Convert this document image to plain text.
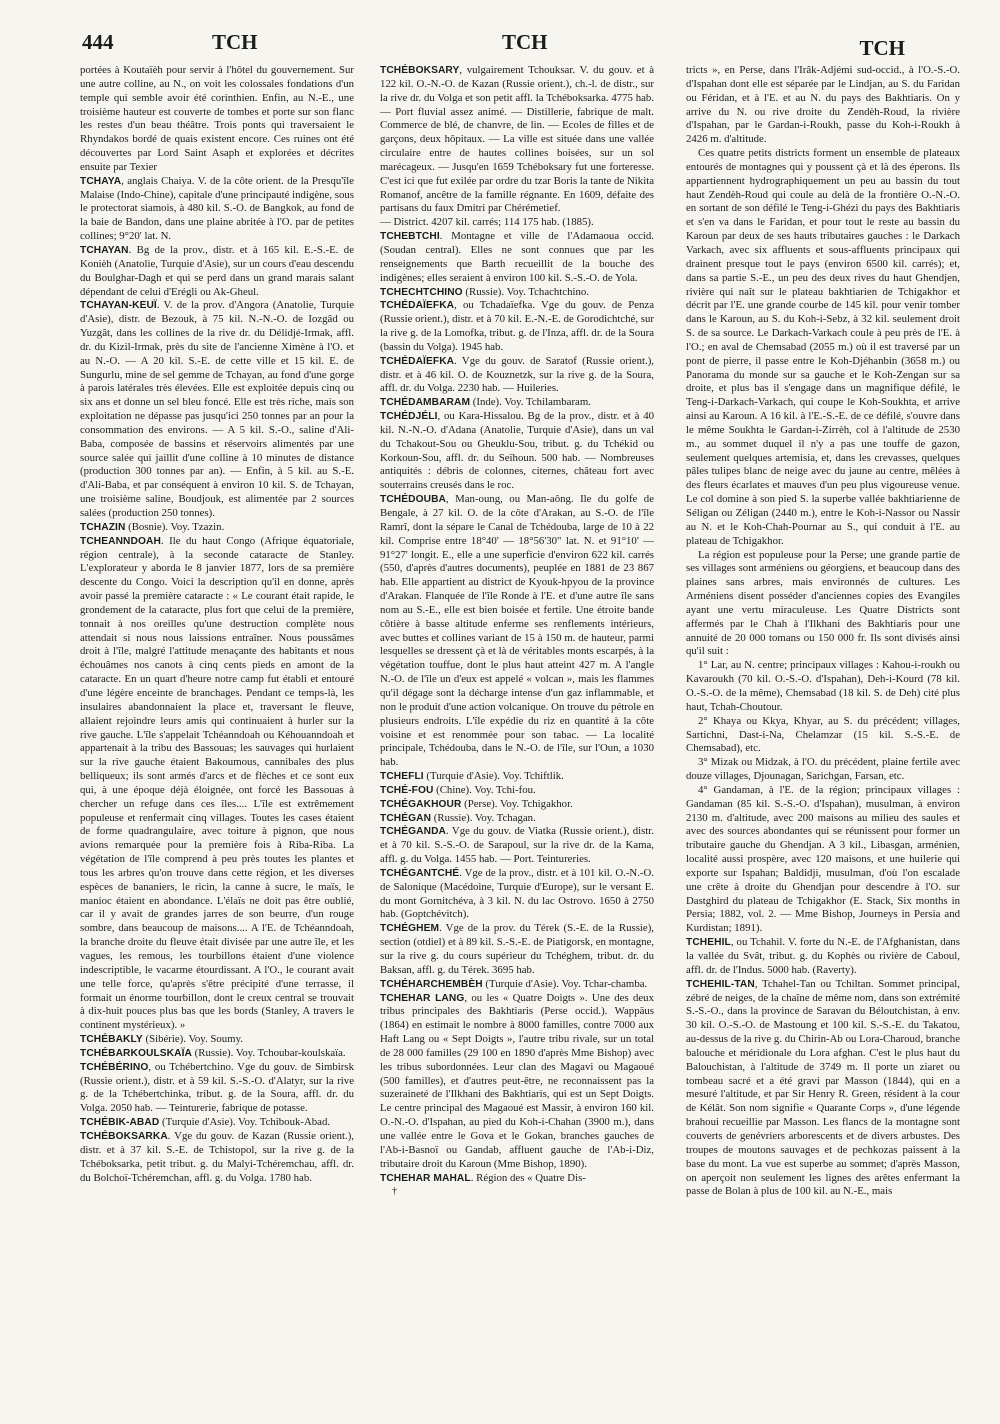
444	TCH	TCH	TCH

portées à Koutaïèh pour servir à l'hôtel du gouvernement. Sur une autre colline, au N., on voit les colossales fondations d'un temple qui semble avoir été corinthien. Enfin, au N.-E., une troisième hauteur est couverte de tombes et porte sur son flanc les restes d'un beau théâtre. Trois ponts qui traversaient le Rhyndakos bordé de quais existent encore. Ces ruines ont été découvertes par Lord Saint Asaph et explorées et décrites ensuite par Texier

TCHAYA, anglais Chaiya. V. de la côte orient. de la Presqu'île Malaise (Indo-Chine), capitale d'une principauté indigène, sous le protectorat siamois, à 480 kil. S.-O. de Bangkok, au fond de la baie de Bandon, dans une plaine abritée à l'O. par de petites collines; 9°20' lat. N.

TCHAYAN. Bg de la prov., distr. et à 165 kil. E.-S.-E. de Konièh (Anatolie, Turquie d'Asie), sur un cours d'eau descendu du Boulghar-Dagh et qui se perd dans un grand marais salant dépendant de celui d'Erégli ou Ak-Gheul.

TCHAYAN-KEUÏ. V. de la prov. d'Angora (Anatolie, Turquie d'Asie), distr. de Bezouk, à 75 kil. N.-N.-O. de Iozgâd ou Yuzgât, dans les collines de la rive dr. du Délidjé-Irmak, affl. dr. du Kizil-Irmak, près du site de l'ancienne Ximène à l'O. et au N.-O. — A 20 kil. S.-E. de cette ville et 15 kil. E. de Sungurlu, mine de sel gemme de Tchayan, au fond d'une gorge à parois latérales très élevées. Elle est exploitée depuis cinq ou six ans et donne un sel bleu foncé. Elle est très riche, mais son exploitation ne dépasse pas jusqu'ici 250 tonnes par an pour la consommation des environs. — A 5 kil. S.-O., saline d'Ali-Baba, composée de bassins et réservoirs alimentés par une source salée qui jaillit d'une colline à 10 minutes de distance (production 300 tonnes par an). — Enfin, à 5 kil. au S.-E. d'Ali-Baba, et par conséquent à environ 10 kil. S. de Tchayan, une troisième saline, Boudjouk, est alimentée par 2 sources salées (production 250 tonnes).

TCHAZIN (Bosnie). Voy. Tzazin.

TCHEANNDOAH. Ile du haut Congo (Afrique équatoriale, région centrale), à la seconde cataracte de Stanley. L'explorateur y aborda le 8 janvier 1877, lors de sa première descente du Congo. Voici la description qu'il en donne, après avoir passé la première cataracte : « Le courant était rapide, le grondement de la cataracte, plus fort que celui de la première, tonnait à nos oreilles qu'une destruction complète nous attendait si nous nous laissions entraîner. Nous poussâmes droit à l'île, malgré l'attitude menaçante des habitants et nous échouâmes nos canots à cinq cents pieds en amont de la cataracte. En un quart d'heure notre camp fut établi et entouré d'une légère enceinte de branchages. Pendant ce temps-là, les insulaires abandonnaient la place et, traversant le fleuve, allaient rejoindre leurs amis qui continuaient à hurler sur la rive gauche. L'île s'appelait Tchéanndoah ou Kéhouanndoah et appartenait à la tribu des Bassouas; les sauvages qui hurlaient sur la rive gauche étaient Bakoumous, cannibales des plus belliqueux; ils sont armés d'arcs et de flèches et ce sont eux qui, à une époque déjà éloignée, ont forcé les Bassouas à chercher un refuge dans ces îles.... L'île est extrêmement populeuse et renfermait cinq villages. Toutes les cases étaient de forme quadrangulaire, avec toiture à pignon, que nous avions remarquée pour la première fois à Riba-Riba. La végétation de l'île comprend à peu près toutes les plantes et tous les arbres qu'on trouve dans cette région, et les diverses espèces de bananiers, le ricin, la canne à sucre, le maïs, le manioc étaient en abondance. L'élaïs ne doit pas être oublié, car il y avait de grandes jarres de son beurre, d'un rouge sombre, dans beaucoup de maisons.... A l'E. de Tchéanndoah, la branche droite du fleuve était divisée par une autre île, et les vagues, les remous, les tourbillons étaient d'une violence indescriptible, le vacarme étourdissant. A l'O., le courant avait une telle force, qu'après s'être précipité d'une terrasse, il formait un énorme tourbillon, dont le creux central se trouvait à dix-huit pouces plus bas que les bords (Stanley, A travers le continent mystérieux). »

TCHÉBAKLY (Sibérie). Voy. Soumy.

TCHÉBARKOULSKAÏA (Russie). Voy. Tchoubar-koulskaïa.

TCHÉBÉRINO, ou Tchébertchino. Vge du gouv. de Simbirsk (Russie orient.), distr. et à 59 kil. S.-S.-O. d'Alatyr, sur la rive g. de la Tchébertchinka, tribut. g. de la Soura, affl. dr. du Volga. 2050 hab. — Teinturerie, fabrique de potasse.

TCHÉBIK-ABAD (Turquie d'Asie). Voy. Tchibouk-Abad.

TCHÉBOKSARKA. Vge du gouv. de Kazan (Russie orient.), distr. et à 37 kil. S.-E. de Tchistopol, sur la rive g. de la Tchéboksarka, petit tribut. g. du Malyi-Tchéremchau, affl. dr. du Bolchoï-Tchéremchan, affl. g. du Volga. 1780 hab.

TCHÉBOKSARY, vulgairement Tchouksar. V. du gouv. et à 122 kil. O.-N.-O. de Kazan (Russie orient.), ch.-l. de distr., sur la rive dr. du Volga et son petit affl. la Tchéboksarka. 4775 hab. — Port fluvial assez animé. — Distillerie, fabrique de malt. Commerce de blé, de chanvre, de lin. — Ecoles de filles et de garçons, deux hôpitaux. — La ville est située dans une vallée circulaire entre de hautes collines boisées, sur un sol marécageux. — Jusqu'en 1659 Tchéboksary fut une forteresse. C'est ici que fut exilée par ordre du tzar Boris la tante de Nikita Romanof, ancêtre de la famille régnante. En 1609, défaite des partisans du faux Dmitri par Chérémetief.

— District. 4207 kil. carrés; 114 175 hab. (1885).

TCHEBTCHI. Montagne et ville de l'Adamaoua occid. (Soudan central). Elles ne sont connues que par les renseignements que Barth recueillit de la bouche des indigènes; elles seraient à environ 100 kil. S.-S.-O. de Yola.

TCHECHTCHINO (Russie). Voy. Tchachtchino.

TCHÉDAÏEFKA, ou Tchadaïefka. Vge du gouv. de Penza (Russie orient.), distr. et à 70 kil. E.-N.-E. de Gorodichtché, sur la rive g. de la Lomofka, tribut. g. de l'Inza, affl. dr. de la Soura (bassin du Volga). 1945 hab.

TCHÉDAÏEFKA. Vge du gouv. de Saratof (Russie orient.), distr. et à 46 kil. O. de Kouznetzk, sur la rive g. de la Soura, affl. dr. du Volga. 2230 hab. — Huileries.

TCHÉDAMBARAM (Inde). Voy. Tchilambaram.

TCHÉDJÉLI, ou Kara-Hissalou. Bg de la prov., distr. et à 40 kil. N.-N.-O. d'Adana (Anatolie, Turquie d'Asie), dans un val du Tchakout-Sou ou Gheuklu-Sou, tribut. g. du Tchékid ou Korkoun-Sou, affl. dr. du Seïhoun. 500 hab. — Nombreuses antiquités : débris de colonnes, citernes, château fort avec souterrains creusés dans le roc.

TCHÉDOUBA, Man-oung, ou Man-aông. Ile du golfe de Bengale, à 27 kil. O. de la côte d'Arakan, au S.-O. de l'île Ramrî, dont la sépare le Canal de Tchédouba, large de 10 à 22 kil. Comprise entre 18°40' — 18°56'30" lat. N. et 91°10' — 91°27' longit. E., elle a une superficie d'environ 622 kil. carrés (550, d'après d'autres documents), peuplée en 1881 de 23 867 hab. Elle appartient au district de Kyouk-hpyou de la province d'Arakan. Flanquée de l'île Ronde à l'E. et d'une autre île sans nom au S.-E., elle est bien boisée et fertile. Une étroite bande côtière à basse altitude enferme ses renflements intérieurs, avec buttes et collines variant de 15 à 150 m. de hauteur, parmi lesquelles se dressent çà et là de véritables monts escarpés, à la végétation touffue, dont le plus haut atteint 427 m. A l'angle N.-O. de l'île un d'eux est appelé « volcan », mais les flammes qu'il dégage sont la décharge intense d'un gaz inflammable, et non le produit d'une action volcanique. On trouve du pétrole en plusieurs endroits. L'île expédie du riz en quantité à la côte voisine et est renommée pour son tabac. — La localité principale, Tchédouba, dans le N.-O. de l'île, sur l'Oun, a 1030 hab.

TCHEFLI (Turquie d'Asie). Voy. Tchiftlik.

TCHÉ-FOU (Chine). Voy. Tchi-fou.

TCHÉGAKHOUR (Perse). Voy. Tchigakhor.

TCHÉGAN (Russie). Voy. Tchagan.

TCHÉGANDA. Vge du gouv. de Viatka (Russie orient.), distr. et à 70 kil. S.-S.-O. de Sarapoul, sur la rive dr. de la Kama, affl. g. du Volga. 1455 hab. — Port. Teintureries.

TCHÉGANTCHÉ. Vge de la prov., distr. et à 101 kil. O.-N.-O. de Salonique (Macédoine, Turquie d'Europe), sur le versant E. du mont Gornitchéva, à 3 kil. N. du lac Ostrovo. 1650 à 2750 hab. (Goptchévitch).

TCHÉGHEM. Vge de la prov. du Térek (S.-E. de la Russie), section (otdiel) et à 89 kil. S.-S.-E. de Piatigorsk, en montagne, sur la rive g. du cours supérieur du Tchéghem, tribut. dr. du Baksan, affl. g. du Térek. 3695 hab.

TCHÉHARCHEMBÈH (Turquie d'Asie). Voy. Tchar-chamba.

TCHEHAR LANG, ou les « Quatre Doigts ». Une des deux tribus principales des Bakhtiaris (Perse occid.). Wappäus (1864) en estimait le nombre à 8000 familles, contre 7000 aux Haft Lang ou « Sept Doigts », l'autre tribu rivale, sur un total de 28 000 familles (29 100 en 1890 d'après Mme Bishop) avec les tribus subordonnées. Leur clan des Magavi ou Magaoué (500 familles), et d'autres peut-être, ne reconnaissent pas la suzeraineté de l'Ilkhani des Bakhtiaris, qui est un Sept Doigts. Le centre principal des Magaoué est Massir, à environ 160 kil. O.-N.-O. d'Ispahan, au pied du Koh-i-Chahan (3900 m.), dans une vallée entre le Gova et le Gokan, branches gauches de l'Ab-i-Basnoï ou Gandab, affluent gauche de l'Ab-i-Diz, tributaire droit du Karoun (Mme Bishop, 1890).

TCHEHAR MAHAL. Région des « Quatre Dis-

†

tricts », en Perse, dans l'Irâk-Adjémi sud-occid., à l'O.-S.-O. d'Ispahan dont elle est séparée par le Lindjan, au S. du Faridan ou Féridan, et à l'E. et au N. du pays des Bakhtiaris. On y arrive du N. ou rive droite du Zendèh-Roud, la rivière d'Ispahan, par le Gardan-i-Roukh, passe du Koh-i-Roukh à 2426 m. d'altitude.

Ces quatre petits districts forment un ensemble de plateaux entourés de montagnes qui y poussent çà et là des éperons. Ils appartiennent hydrographiquement un peu au bassin du tout haut Zendèh-Roud qui coule au delà de la frontière O.-N.-O. en sortant de son défilé le Teng-i-Ghézi du pays des Bakhtiaris et s'en va dans le Faridan, et pour tout le reste au bassin du Karoun par deux de ses hauts tributaires gauches : le Darkach Varkach, avec six affluents et sous-affluents principaux qui drainent presque tout le pays (environ 6500 kil. carrés); et, dans sa partie S.-E., un peu des deux rives du haut Ghendjen, rivière qui naît sur le plateau bakhtiarien de Tchigakhor et décrit par l'E. une grande courbe de 145 kil. pour venir tomber dans le Karoun, au S. du Koh-i-Sebz, à 32 kil. seulement droit S. de sa source. Le Darkach-Varkach coule à peu près de l'E. à l'O.; en aval de Chemsabad (2055 m.) où il est traversé par un pont de pierre, il passe entre le Koh-Djéhanbin (3658 m.) ou Panorama du monde sur sa gauche et le Koh-Zengan sur sa droite, et plus bas il s'engage dans un magnifique défilé, le Teng-i-Darkach-Varkach, qui coupe le Koh-Soukhta, et arrive ainsi au Karoun. A 16 kil. à l'E.-S.-E. de ce défilé, s'ouvre dans le même Soukhta le Gardan-i-Zirrèh, col à l'altitude de 2530 m., au sommet duquel il n'y a pas une touffe de gazon, seulement quelques artemisia, et, dans les crevasses, quelques pâles tulipes blanc de neige avec du jaune au centre, mêlées à des fleurs écarlates et mauves d'un peu plus vigoureuse venue. Le col domine à son pied S. la superbe vallée bakhtiarienne de Séligan ou Zéligan (2440 m.), entre le Koh-i-Nassor ou Nassir au N. et le Koh-Chah-Pournar au S., qui conduit à l'E. au plateau de Tchigakhor.

La région est populeuse pour la Perse; une grande partie de ses villages sont arméniens ou géorgiens, et beaucoup dans des plaines sans arbres, mais environnés de cultures. Les Arméniens disent posséder d'anciennes copies des Evangiles ayant une vertu miraculeuse. Les Quatre Districts sont affermés par le Chah à l'Ilkhani des Bakhtiaris pour une annuité de 20 000 tomans ou 150 000 fr. Ils sont divisés ainsi qu'il suit :

1° Lar, au N. centre; principaux villages : Kahou-i-roukh ou Kavaroukh (70 kil. O.-S.-O. d'Ispahan), Deh-i-Kourd (78 kil. O.-S.-O. de la même), Chemsabad (18 kil. S. de Deh) cité plus haut, Tchah-Choutour.

2° Khaya ou Kkya, Khyar, au S. du précédent; villages, Sartichni, Dast-i-Na, Chelamzar (15 kil. S.-S.-E. de Chemsabad), etc.

3° Mizak ou Midzak, à l'O. du précédent, plaine fertile avec douze villages, Djounagan, Sarichgan, Farsan, etc.

4° Gandaman, à l'E. de la région; principaux villages : Gandaman (85 kil. S.-S.-O. d'Ispahan), musulman, à environ 2130 m. d'altitude, avec 200 maisons au milieu des saules et avec des sources abondantes qui se réunissent pour former un tributaire gauche du Ghendjan. A 3 kil., Libasgan, arménien, localité aussi prospère, avec 120 maisons, et une huilerie qui exporte sur Ispahan; Baldidji, musulman, d'où l'on escalade une crête à droite du Ghendjan pour descendre à l'O. sur Dastghird du plateau de Tchigakhor (E. Stack, Six months in Persia; 1882, vol. 2. — Mme Bishop, Journeys in Persia and Kurdistan; 1891).

TCHEHIL, ou Tchahil. V. forte du N.-E. de l'Afghanistan, dans la vallée du Svât, tribut. g. du Kophès ou rivière de Caboul, affl. dr. de l'Indus. 5000 hab. (Raverty).

TCHEHIL-TAN, Tchahel-Tan ou Tchiltan. Sommet principal, zébré de neiges, de la chaîne de même nom, dans son extrémité S.-S.-O., dans la province de Saravan du Béloutchistan, à env. 30 kil. O.-S.-O. de Mastoung et 100 kil. S.-S.-E. du Takatou, au-dessus de la rive g. du Chirin-Ab ou Lora-Charoud, branche balouche et méridionale du Lora afghan. C'est le plus haut du Balouchistan, à l'altitude de 3749 m. Il porte un ziaret ou tombeau sacré et a été gravi par Masson (1844), qui en a mesuré l'altitude, et par Sir Henry R. Green, résident à la cour de Kélât. Son nom signifie « Quarante Corps », d'une légende brahoui recueillie par Masson. Les flancs de la montagne sont couverts de genévriers arborescents et de divers arbustes. Des troupes de moutons sauvages et de pechkozas paissent à la base du mont. La vue est superbe au sommet; d'après Masson, on aperçoit non seulement les lignes des arêtes enfermant la passe de Bolan à plus de 100 kil. au N.-E., mais
